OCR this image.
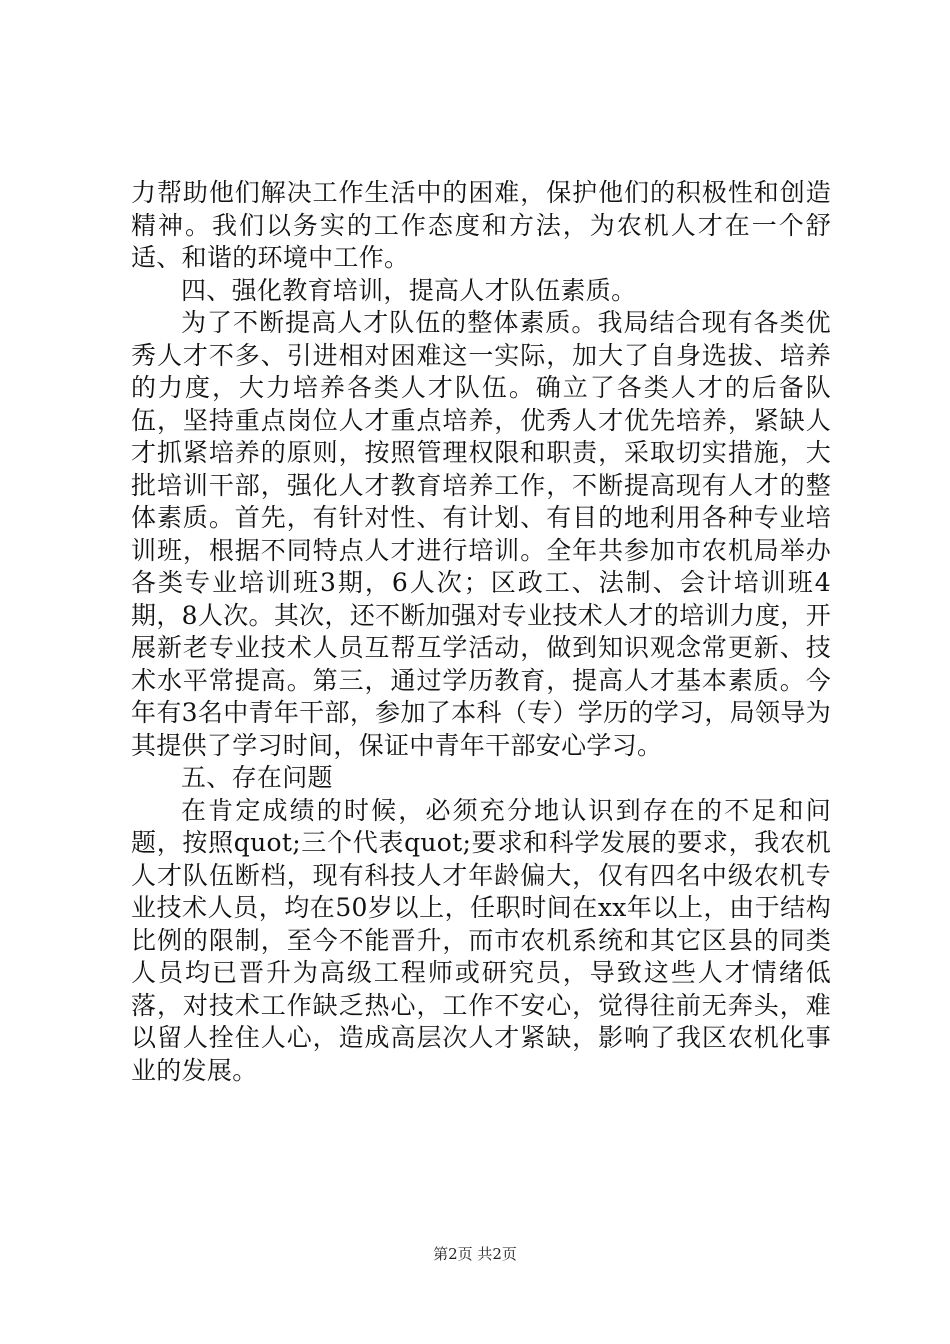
力帮助他们解决工作生活中的困难，保护他们的积极性和创造精神。我们以务实的工作态度和方法，为农机人才在一个舒适、和谐的环境中工作。

四、强化教育培训，提高人才队伍素质。

为了不断提高人才队伍的整体素质。我局结合现有各类优秀人才不多、引进相对困难这一实际，加大了自身选拔、培养的力度，大力培养各类人才队伍。确立了各类人才的后备队伍，坚持重点岗位人才重点培养，优秀人才优先培养，紧缺人才抓紧培养的原则，按照管理权限和职责，采取切实措施，大批培训干部，强化人才教育培养工作，不断提高现有人才的整体素质。首先，有针对性、有计划、有目的地利用各种专业培训班，根据不同特点人才进行培训。全年共参加市农机局举办各类专业培训班3期，6人次；区政工、法制、会计培训班4期，8人次。其次，还不断加强对专业技术人才的培训力度，开展新老专业技术人员互帮互学活动，做到知识观念常更新、技术水平常提高。第三，通过学历教育，提高人才基本素质。今年有3名中青年干部，参加了本科（专）学历的学习，局领导为其提供了学习时间，保证中青年干部安心学习。

五、存在问题

在肯定成绩的时候，必须充分地认识到存在的不足和问题，按照quot;三个代表quot;要求和科学发展的要求，我农机人才队伍断档，现有科技人才年龄偏大，仅有四名中级农机专业技术人员，均在50岁以上，任职时间在xx年以上，由于结构比例的限制，至今不能晋升，而市农机系统和其它区县的同类人员均已晋升为高级工程师或研究员，导致这些人才情绪低落，对技术工作缺乏热心，工作不安心，觉得往前无奔头，难以留人拴住人心，造成高层次人才紧缺，影响了我区农机化事业的发展。

第2页 共2页
